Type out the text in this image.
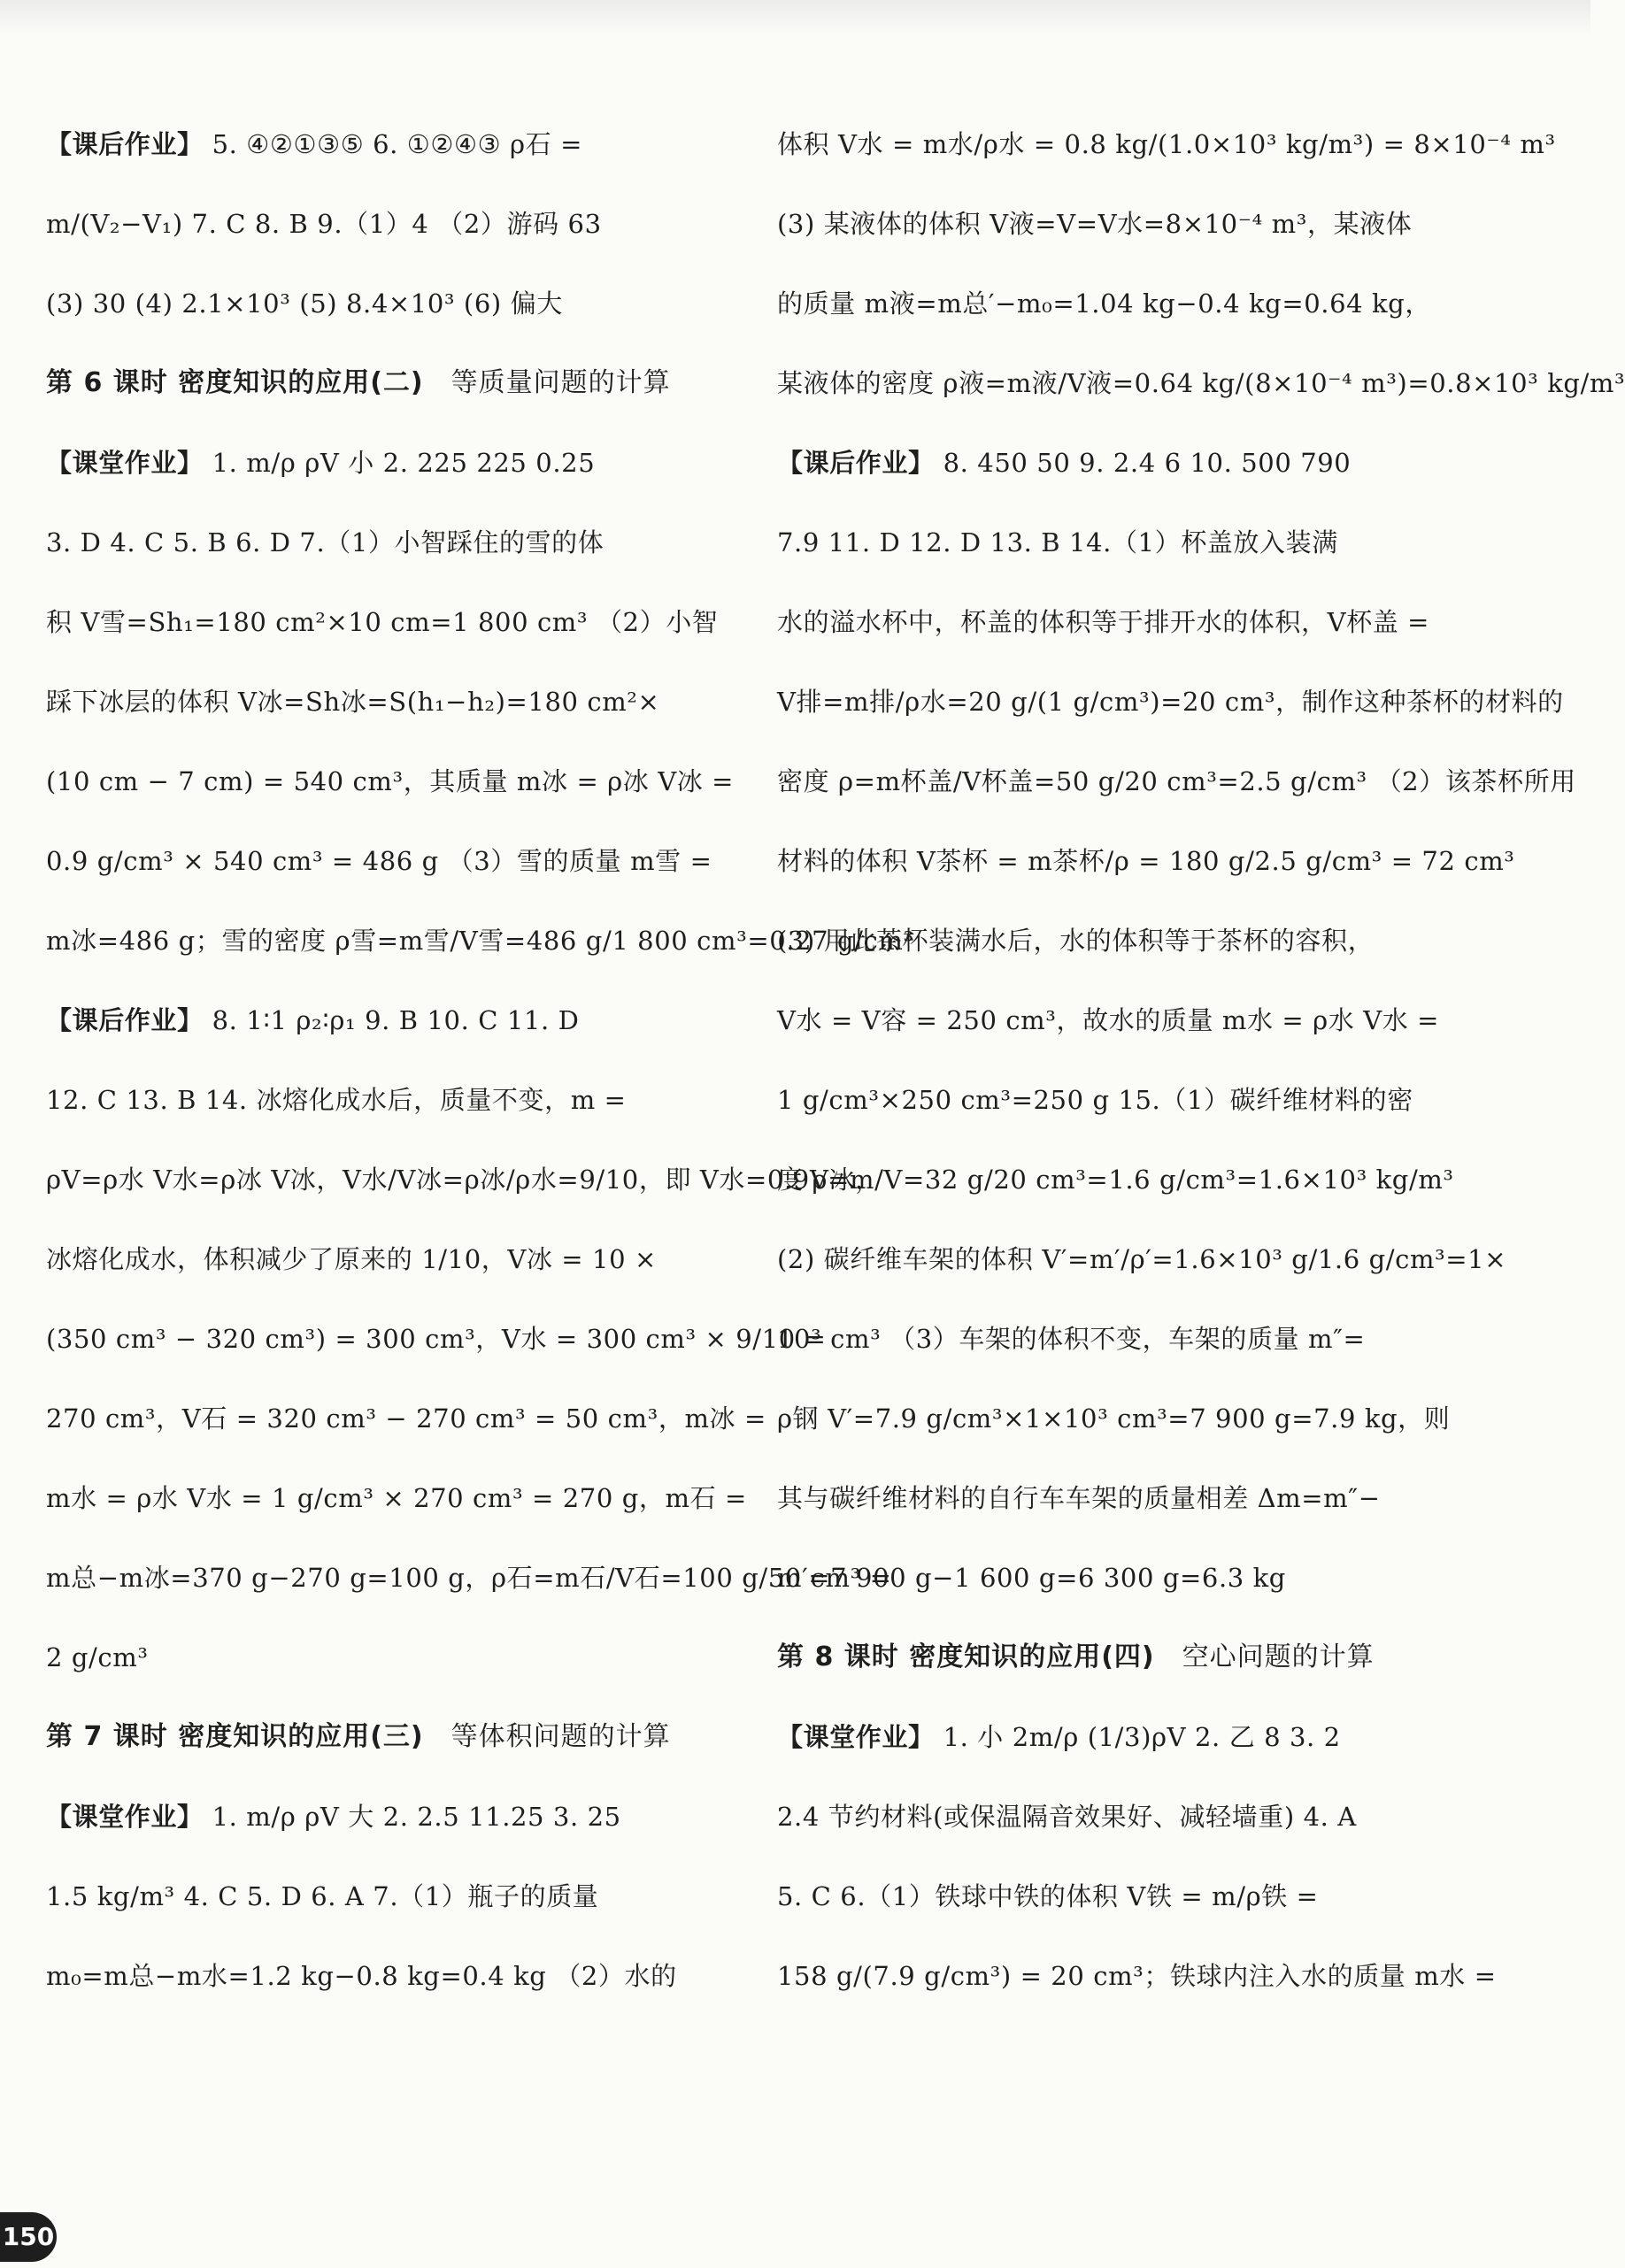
【课后作业】 5. ④②①③⑤ 6. ①②④③ ρ石 =
m/(V₂−V₁) 7. C 8. B 9.（1）4 （2）游码 63
(3) 30 (4) 2.1×10³ (5) 8.4×10³ (6) 偏大
第 6 课时 密度知识的应用(二)  等质量问题的计算
【课堂作业】 1. m/ρ ρV 小 2. 225 225 0.25
3. D 4. C 5. B 6. D 7.（1）小智踩住的雪的体
积 V雪=Sh₁=180 cm²×10 cm=1 800 cm³ （2）小智
踩下冰层的体积 V冰=Sh冰=S(h₁−h₂)=180 cm²×
(10 cm − 7 cm) = 540 cm³，其质量 m冰 = ρ冰 V冰 =
0.9 g/cm³ × 540 cm³ = 486 g （3）雪的质量 m雪 =
m冰=486 g；雪的密度 ρ雪=m雪/V雪=486 g/1 800 cm³=0.27 g/cm³
【课后作业】 8. 1∶1 ρ₂∶ρ₁ 9. B 10. C 11. D
12. C 13. B 14. 冰熔化成水后，质量不变，m =
ρV=ρ水 V水=ρ冰 V冰，V水/V冰=ρ冰/ρ水=9/10，即 V水=0.9V冰，
冰熔化成水，体积减少了原来的 1/10，V冰 = 10 ×
(350 cm³ − 320 cm³) = 300 cm³，V水 = 300 cm³ × 9/10 =
270 cm³，V石 = 320 cm³ − 270 cm³ = 50 cm³，m冰 =
m水 = ρ水 V水 = 1 g/cm³ × 270 cm³ = 270 g，m石 =
m总−m冰=370 g−270 g=100 g，ρ石=m石/V石=100 g/50 cm³ =
2 g/cm³
第 7 课时 密度知识的应用(三)  等体积问题的计算
【课堂作业】 1. m/ρ ρV 大 2. 2.5 11.25 3. 25
1.5 kg/m³ 4. C 5. D 6. A 7.（1）瓶子的质量
m₀=m总−m水=1.2 kg−0.8 kg=0.4 kg （2）水的
体积 V水 = m水/ρ水 = 0.8 kg/(1.0×10³ kg/m³) = 8×10⁻⁴ m³
(3) 某液体的体积 V液=V=V水=8×10⁻⁴ m³，某液体
的质量 m液=m总′−m₀=1.04 kg−0.4 kg=0.64 kg，
某液体的密度 ρ液=m液/V液=0.64 kg/(8×10⁻⁴ m³)=0.8×10³ kg/m³
【课后作业】 8. 450 50 9. 2.4 6 10. 500 790
7.9 11. D 12. D 13. B 14.（1）杯盖放入装满
水的溢水杯中，杯盖的体积等于排开水的体积，V杯盖 =
V排=m排/ρ水=20 g/(1 g/cm³)=20 cm³，制作这种茶杯的材料的
密度 ρ=m杯盖/V杯盖=50 g/20 cm³=2.5 g/cm³ （2）该茶杯所用
材料的体积 V茶杯 = m茶杯/ρ = 180 g/2.5 g/cm³ = 72 cm³
(3) 用此茶杯装满水后，水的体积等于茶杯的容积，
V水 = V容 = 250 cm³，故水的质量 m水 = ρ水 V水 =
1 g/cm³×250 cm³=250 g 15.（1）碳纤维材料的密
度 ρ=m/V=32 g/20 cm³=1.6 g/cm³=1.6×10³ kg/m³
(2) 碳纤维车架的体积 V′=m′/ρ′=1.6×10³ g/1.6 g/cm³=1×
10³ cm³ （3）车架的体积不变，车架的质量 m″=
ρ钢 V′=7.9 g/cm³×1×10³ cm³=7 900 g=7.9 kg，则
其与碳纤维材料的自行车车架的质量相差 Δm=m″−
m′=7 900 g−1 600 g=6 300 g=6.3 kg
第 8 课时 密度知识的应用(四)  空心问题的计算
【课堂作业】 1. 小 2m/ρ (1/3)ρV 2. 乙 8 3. 2
2.4 节约材料(或保温隔音效果好、减轻墙重) 4. A
5. C 6.（1）铁球中铁的体积 V铁 = m/ρ铁 =
158 g/(7.9 g/cm³) = 20 cm³；铁球内注入水的质量 m水 =
150
